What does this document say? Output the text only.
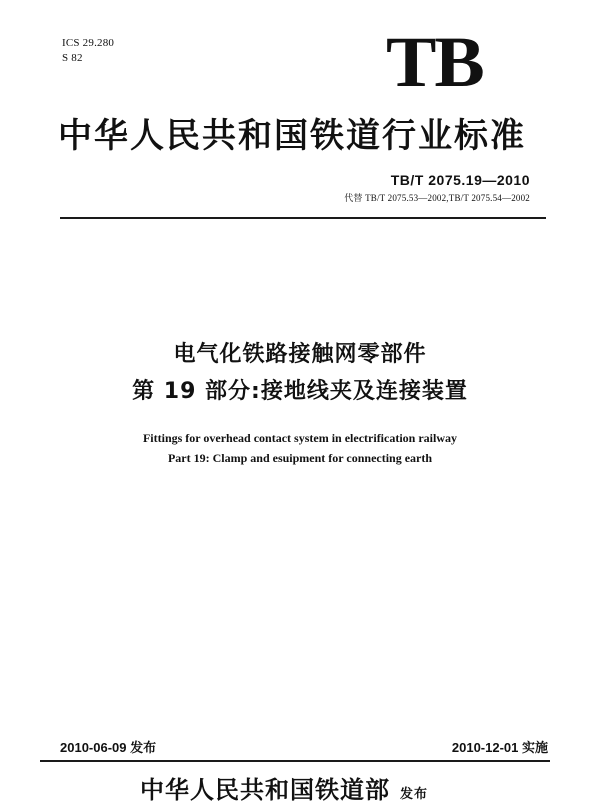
ICS 29.280
S 82	TB
中华人民共和国铁道行业标准
TB/T 2075.19—2010
代替 TB/T 2075.53—2002,TB/T 2075.54—2002
电气化铁路接触网零部件
第 19 部分:接地线夹及连接装置
Fittings for overhead contact system in electrification railway
Part 19: Clamp and esuipment for connecting earth
2010-06-09 发布	2010-12-01 实施
中华人民共和国铁道部 发布
